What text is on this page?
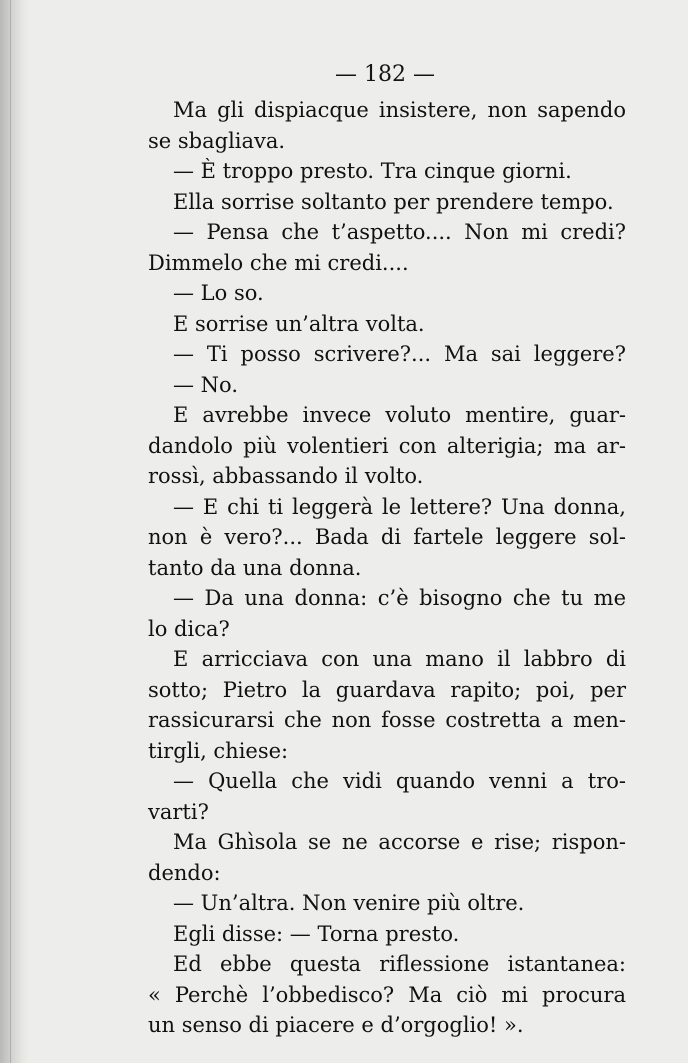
— 182 —
Ma gli dispiacque insistere, non sapendo
se sbagliava.
— È troppo presto. Tra cinque giorni.
Ella sorrise soltanto per prendere tempo.
— Pensa che t’aspetto.... Non mi credi?
Dimmelo che mi credi....
— Lo so.
E sorrise un’altra volta.
— Ti posso scrivere?... Ma sai leggere?
— No.
E avrebbe invece voluto mentire, guar-
dandolo più volentieri con alterigia; ma ar-
rossì, abbassando il volto.
— E chi ti leggerà le lettere? Una donna,
non è vero?... Bada di fartele leggere sol-
tanto da una donna.
— Da una donna: c’è bisogno che tu me
lo dica?
E arricciava con una mano il labbro di
sotto; Pietro la guardava rapito; poi, per
rassicurarsi che non fosse costretta a men-
tirgli, chiese:
— Quella che vidi quando venni a tro-
varti?
Ma Ghìsola se ne accorse e rise; rispon-
dendo:
— Un’altra. Non venire più oltre.
Egli disse: — Torna presto.
Ed ebbe questa riflessione istantanea:
« Perchè l’obbedisco? Ma ciò mi procura
un senso di piacere e d’orgoglio! ».
